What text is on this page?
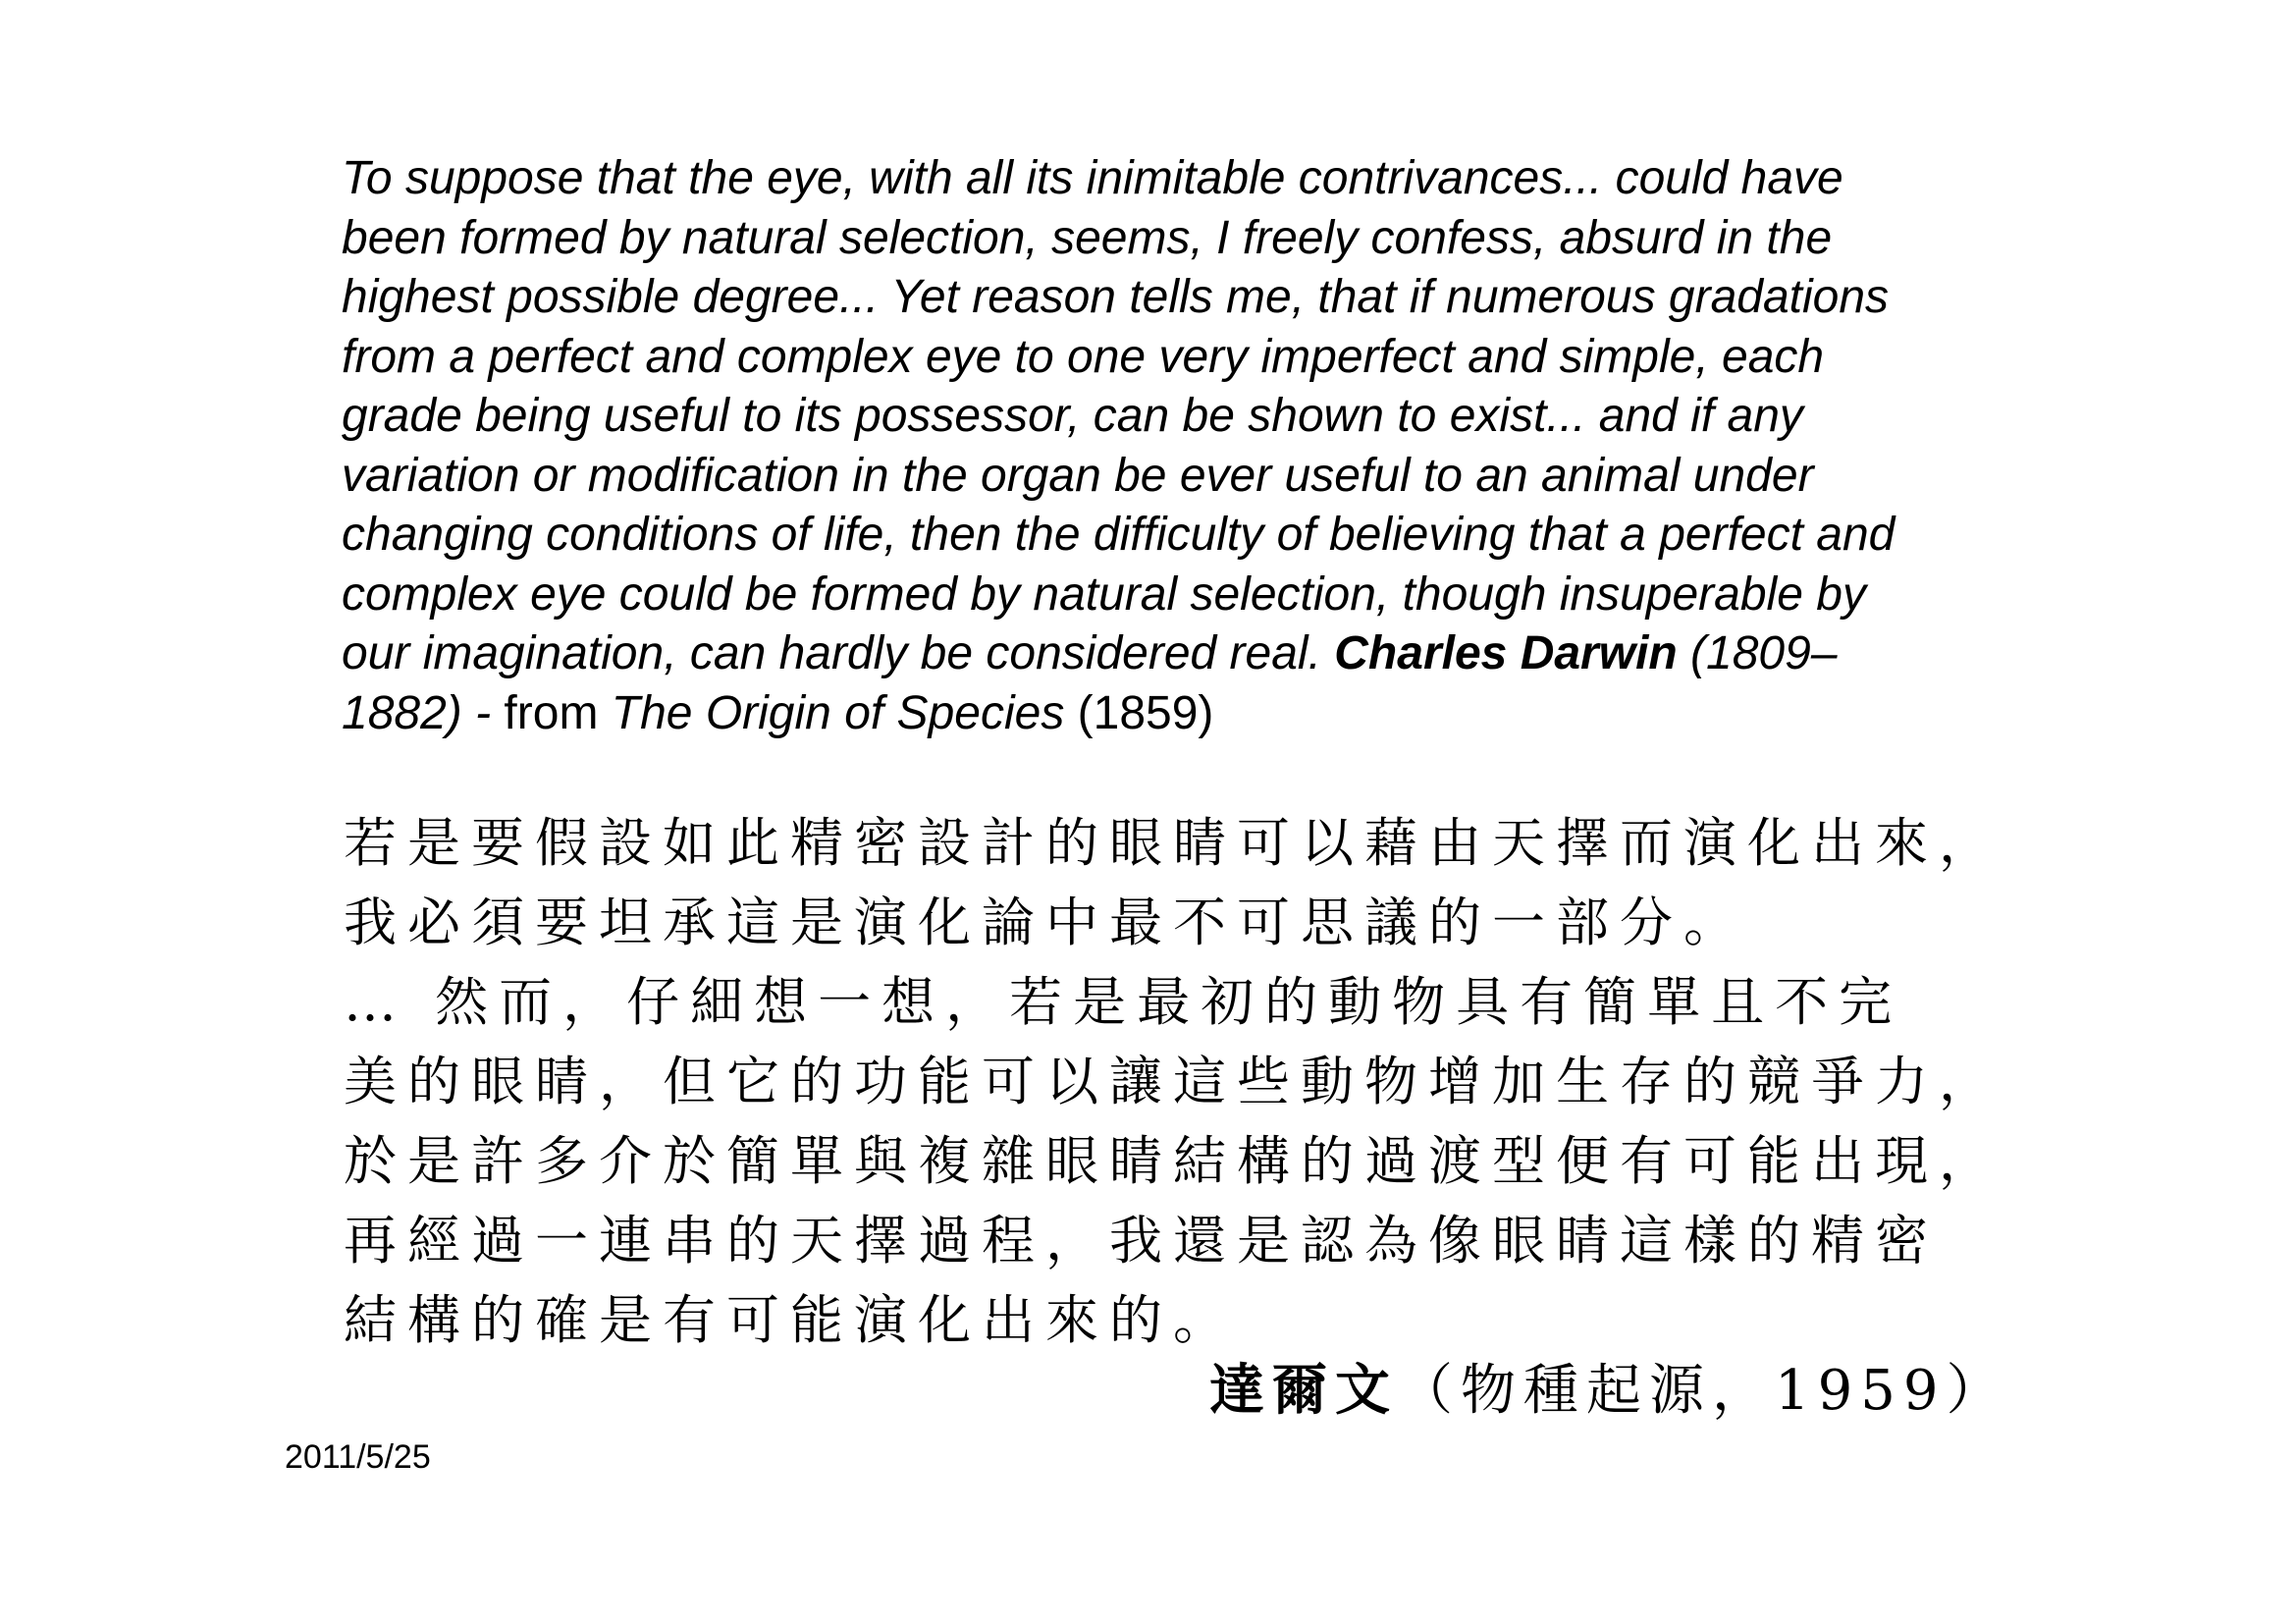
To suppose that the eye, with all its inimitable contrivances... could have
been formed by natural selection, seems, I freely confess, absurd in the
highest possible degree... Yet reason tells me, that if numerous gradations
from a perfect and complex eye to one very imperfect and simple, each
grade being useful to its possessor, can be shown to exist... and if any
variation or modification in the organ be ever useful to an animal under
changing conditions of life, then the difficulty of believing that a perfect and
complex eye could be formed by natural selection, though insuperable by
our imagination, can hardly be considered real. Charles Darwin (1809–
1882) - from The Origin of Species (1859)
若是要假設如此精密設計的眼睛可以藉由天擇而演化出來，
我必須要坦承這是演化論中最不可思議的一部分。
… 然而，仔細想一想，若是最初的動物具有簡單且不完
美的眼睛，但它的功能可以讓這些動物增加生存的競爭力，
於是許多介於簡單與複雜眼睛結構的過渡型便有可能出現，
再經過一連串的天擇過程，我還是認為像眼睛這樣的精密
結構的確是有可能演化出來的。
達爾文（物種起源，1959）
2011/5/25
